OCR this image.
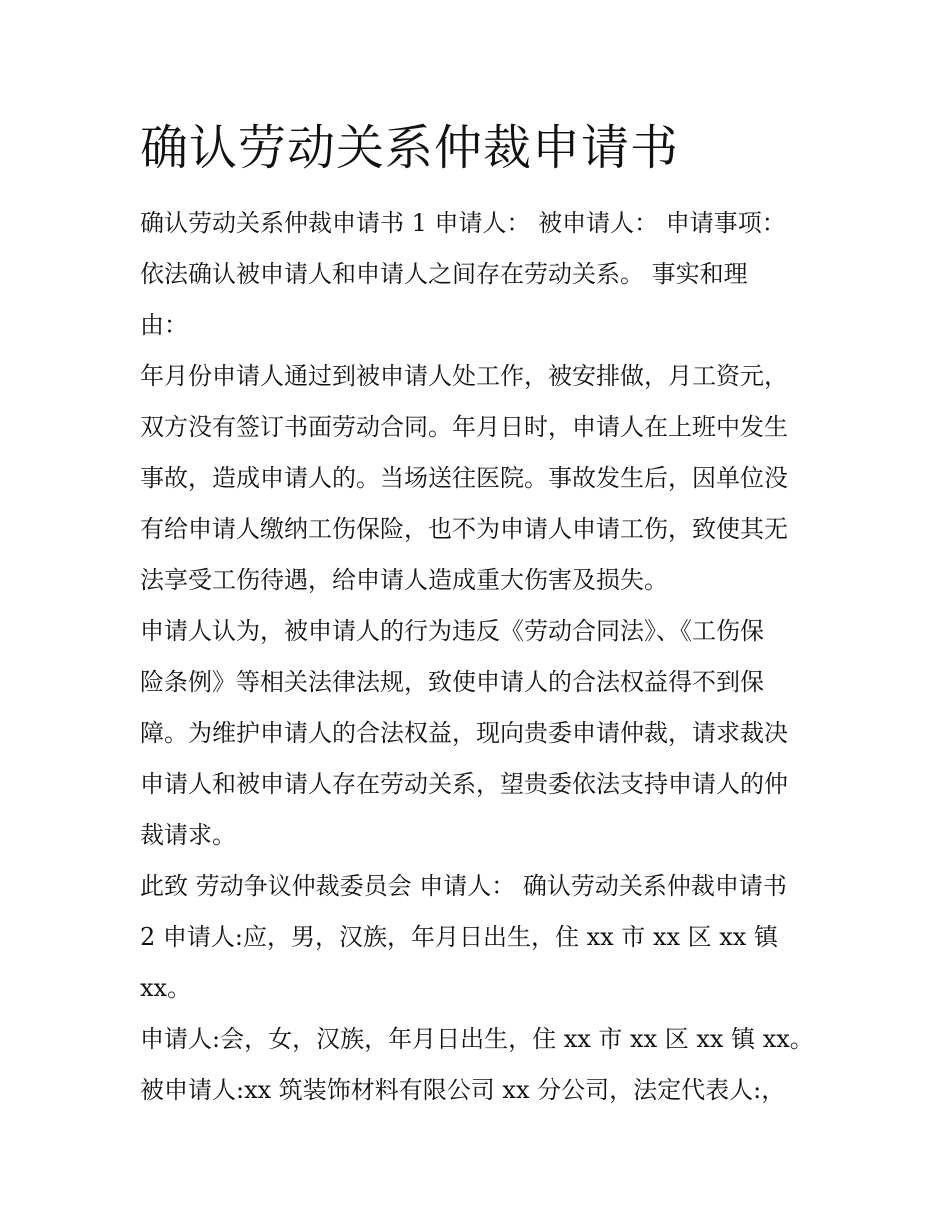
确认劳动关系仲裁申请书
确认劳动关系仲裁申请书 1 申请人： 被申请人： 申请事项：
依法确认被申请人和申请人之间存在劳动关系。 事实和理
由：
年月份申请人通过到被申请人处工作，被安排做，月工资元，
双方没有签订书面劳动合同。年月日时，申请人在上班中发生
事故，造成申请人的。当场送往医院。事故发生后，因单位没
有给申请人缴纳工伤保险，也不为申请人申请工伤，致使其无
法享受工伤待遇，给申请人造成重大伤害及损失。
申请人认为，被申请人的行为违反《劳动合同法》、《工伤保
险条例》等相关法律法规，致使申请人的合法权益得不到保
障。为维护申请人的合法权益，现向贵委申请仲裁，请求裁决
申请人和被申请人存在劳动关系，望贵委依法支持申请人的仲
裁请求。
此致 劳动争议仲裁委员会 申请人： 确认劳动关系仲裁申请书
2 申请人:应，男，汉族，年月日出生，住 xx 市 xx 区 xx 镇
xx。
申请人:会，女，汉族，年月日出生，住 xx 市 xx 区 xx 镇 xx。
被申请人:xx 筑装饰材料有限公司 xx 分公司，法定代表人:，
